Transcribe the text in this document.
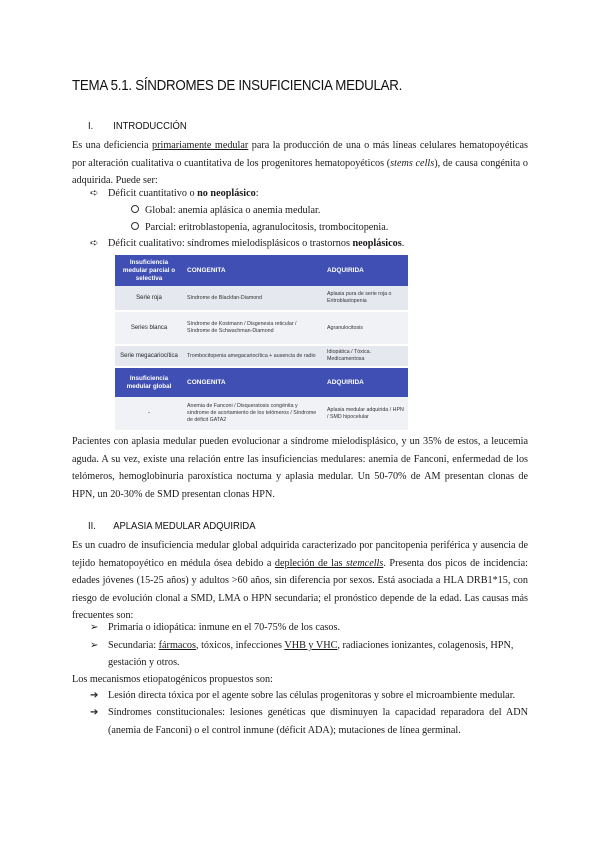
TEMA 5.1. SÍNDROMES DE INSUFICIENCIA MEDULAR.
I. INTRODUCCIÓN

Es una deficiencia primariamente medular para la producción de una o más líneas celulares hematopoyéticas por alteración cualitativa o cuantitativa de los progenitores hematopoyéticos (stems cells), de causa congénita o adquirida. Puede ser:

➪ Déficit cuantitativo o no neoplásico:

Global: anemia aplásica o anemia medular.

Parcial: eritroblastopenia, agranulocitosis, trombocitopenia.

➪ Déficit cualitativo: síndromes mielodisplásicos o trastornos neoplásicos.

Insuficiencia medular parcial o selectiva	CONGENITA	ADQUIRIDA
Serie roja	Síndrome de Blackfan-Diamond	Aplasia pura de serie roja o Eritroblastopenia
Series blanca	Síndrome de Kostmann / Disgenesia reticular / Síndrome de Schwachman-Diamond	Agranulocitosis
Serie megacariocítica	Trombocitopenia amegacariocítica + ausencia de radio	Idiopática / Tóxica. Medicamentosa
Insuficiencia medular global	CONGENITA	ADQUIRIDA
-	Anemia de Fanconi / Disqueratosis congénita y síndrome de acortamiento de los telómeros / Síndrome de déficit GATA2	Aplasia medular adquirida / HPN / SMD hipocelular

Pacientes con aplasia medular pueden evolucionar a síndrome mielodisplásico, y un 35% de estos, a leucemia aguda. A su vez, existe una relación entre las insuficiencias medulares: anemia de Fanconi, enfermedad de los telómeros, hemoglobinuria paroxística noctuma y aplasia medular. Un 50-70% de AM presentan clonas de HPN, un 20-30% de SMD presentan clonas HPN.

II. APLASIA MEDULAR ADQUIRIDA

Es un cuadro de insuficiencia medular global adquirida caracterizado por pancitopenia periférica y ausencia de tejido hematopoyético en médula ósea debido a depleción de las stemcells. Presenta dos picos de incidencia: edades jóvenes (15-25 años) y adultos >60 años, sin diferencia por sexos. Está asociada a HLA DRB1*15, con riesgo de evolución clonal a SMD, LMA o HPN secundaria; el pronóstico depende de la edad. Las causas más frecuentes son:

➢ Primaria o idiopática: inmune en el 70-75% de los casos.

➢ Secundaria: fármacos, tóxicos, infecciones VHB y VHC, radiaciones ionizantes, colagenosis, HPN,

gestación y otros.

Los mecanismos etiopatogénicos propuestos son:

➔ Lesión directa tóxica por el agente sobre las células progenitoras y sobre el microambiente medular.

➔ Síndromes constitucionales: lesiones genéticas que disminuyen la capacidad reparadora del ADN (anemia de Fanconi) o el control inmune (déficit ADA); mutaciones de línea germinal.
